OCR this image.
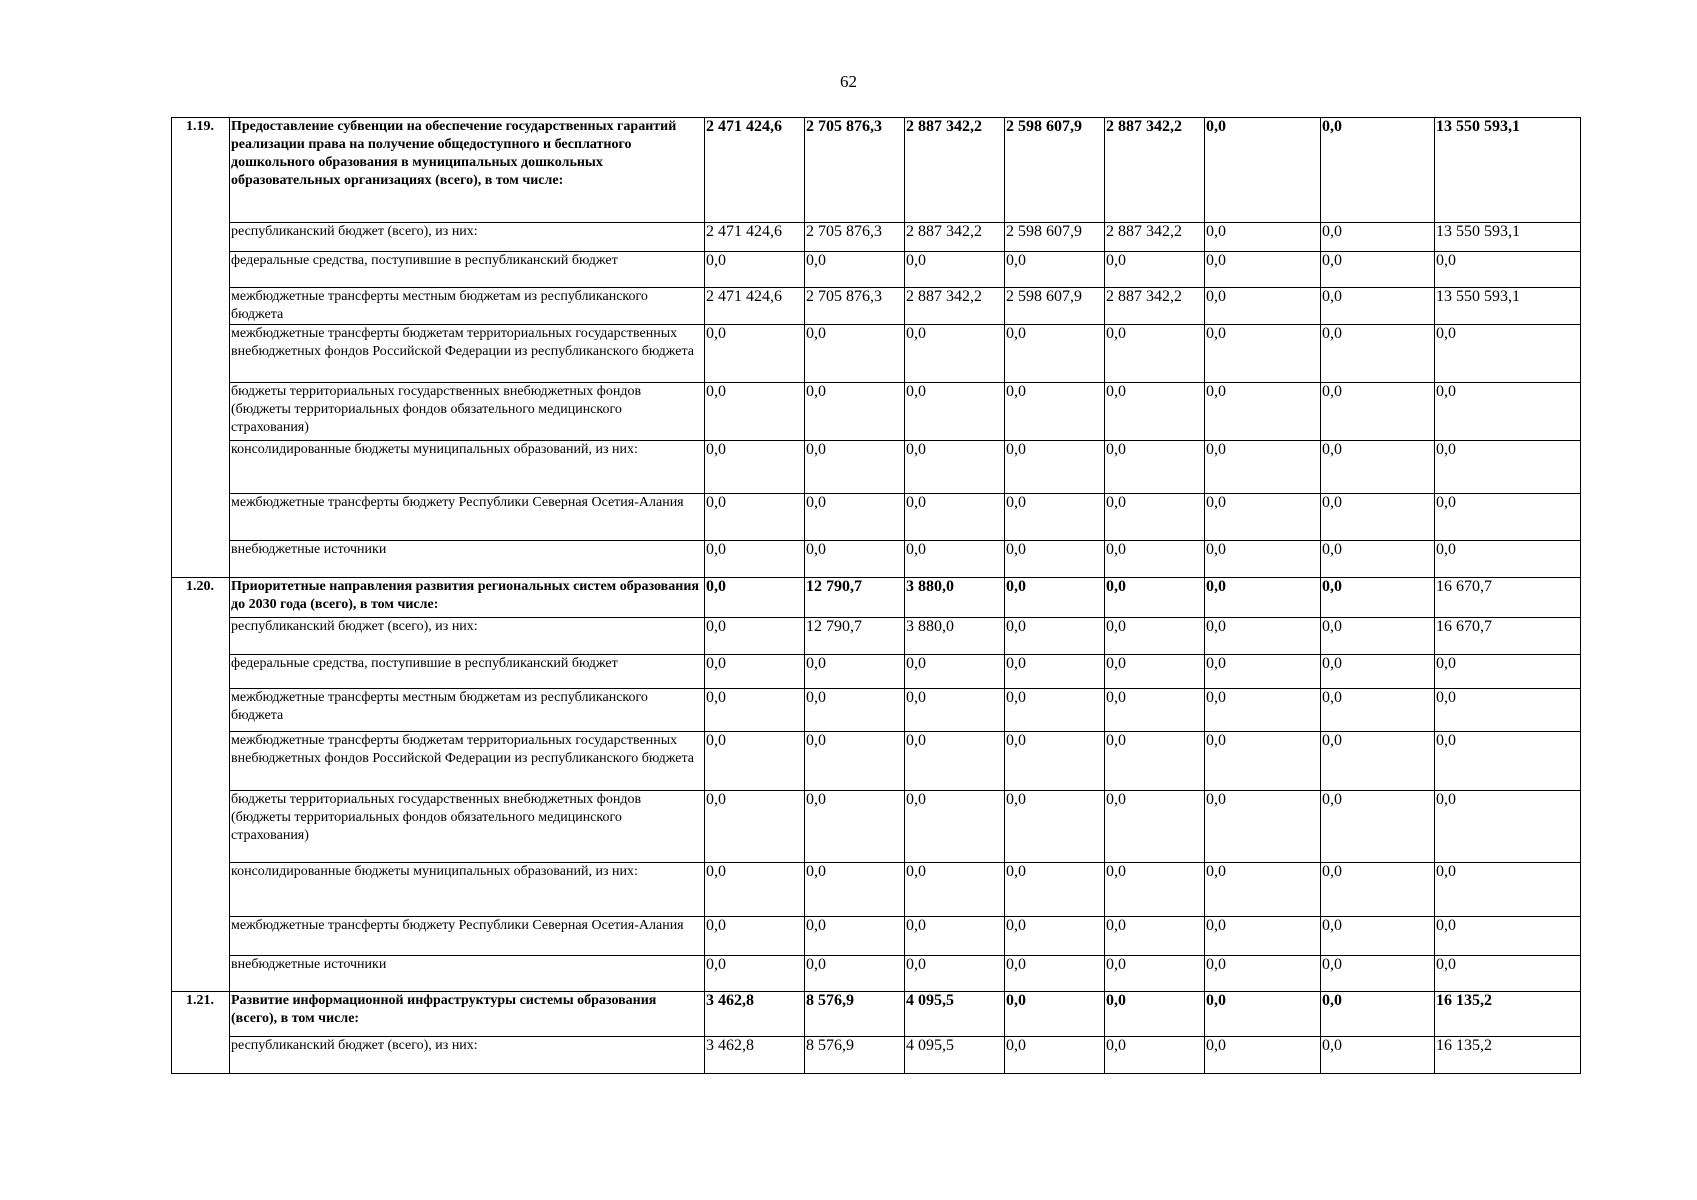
62
1.19.	Предоставление субвенции на обеспечение государственных гарантий реализации права на получение общедоступного и бесплатного дошкольного образования в муниципальных дошкольных образовательных организациях (всего), в том числе:	2 471 424,6	2 705 876,3	2 887 342,2	2 598 607,9	2 887 342,2	0,0	0,0	13 550 593,1
	республиканский бюджет (всего), из них:	2 471 424,6	2 705 876,3	2 887 342,2	2 598 607,9	2 887 342,2	0,0	0,0	13 550 593,1
	федеральные средства, поступившие в республиканский бюджет	0,0	0,0	0,0	0,0	0,0	0,0	0,0	0,0
	межбюджетные трансферты местным бюджетам из республиканского бюджета	2 471 424,6	2 705 876,3	2 887 342,2	2 598 607,9	2 887 342,2	0,0	0,0	13 550 593,1
	межбюджетные трансферты бюджетам территориальных государственных внебюджетных фондов Российской Федерации из республиканского бюджета	0,0	0,0	0,0	0,0	0,0	0,0	0,0	0,0
	бюджеты территориальных государственных внебюджетных фондов (бюджеты территориальных фондов обязательного медицинского страхования)	0,0	0,0	0,0	0,0	0,0	0,0	0,0	0,0
	консолидированные бюджеты муниципальных образований, из них:	0,0	0,0	0,0	0,0	0,0	0,0	0,0	0,0
	межбюджетные трансферты бюджету Республики Северная Осетия-Алания	0,0	0,0	0,0	0,0	0,0	0,0	0,0	0,0
	внебюджетные источники	0,0	0,0	0,0	0,0	0,0	0,0	0,0	0,0
1.20.	Приоритетные направления развития региональных систем образования до 2030 года (всего), в том числе:	0,0	12 790,7	3 880,0	0,0	0,0	0,0	0,0	16 670,7
	республиканский бюджет (всего), из них:	0,0	12 790,7	3 880,0	0,0	0,0	0,0	0,0	16 670,7
	федеральные средства, поступившие в республиканский бюджет	0,0	0,0	0,0	0,0	0,0	0,0	0,0	0,0
	межбюджетные трансферты местным бюджетам из республиканского бюджета	0,0	0,0	0,0	0,0	0,0	0,0	0,0	0,0
	межбюджетные трансферты бюджетам территориальных государственных внебюджетных фондов Российской Федерации из республиканского бюджета	0,0	0,0	0,0	0,0	0,0	0,0	0,0	0,0
	бюджеты территориальных государственных внебюджетных фондов (бюджеты территориальных фондов обязательного медицинского страхования)	0,0	0,0	0,0	0,0	0,0	0,0	0,0	0,0
	консолидированные бюджеты муниципальных образований, из них:	0,0	0,0	0,0	0,0	0,0	0,0	0,0	0,0
	межбюджетные трансферты бюджету Республики Северная Осетия-Алания	0,0	0,0	0,0	0,0	0,0	0,0	0,0	0,0
	внебюджетные источники	0,0	0,0	0,0	0,0	0,0	0,0	0,0	0,0
1.21.	Развитие информационной инфраструктуры системы образования (всего), в том числе:	3 462,8	8 576,9	4 095,5	0,0	0,0	0,0	0,0	16 135,2
	республиканский бюджет (всего), из них:	3 462,8	8 576,9	4 095,5	0,0	0,0	0,0	0,0	16 135,2
